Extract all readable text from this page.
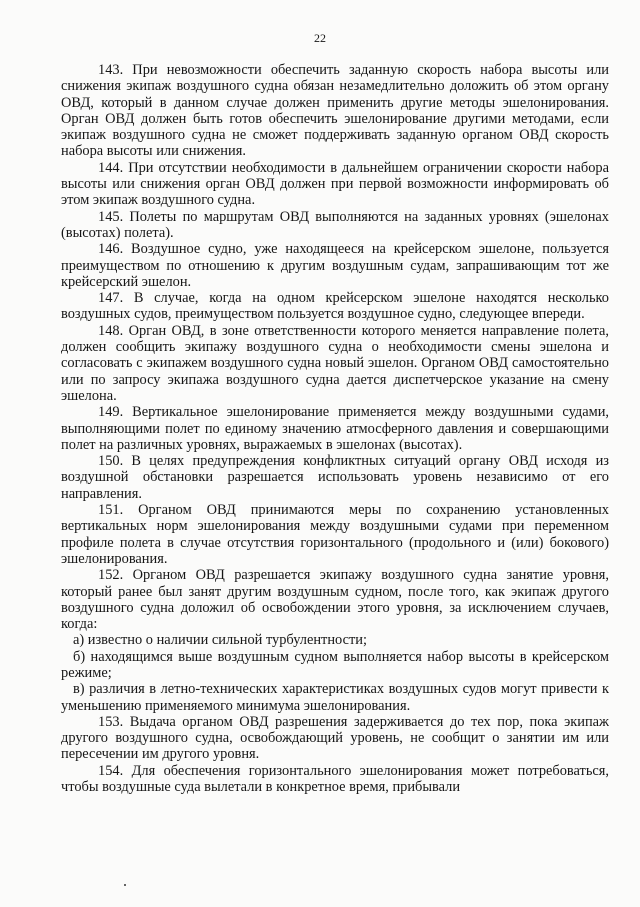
22

143. При невозможности обеспечить заданную скорость набора высоты или снижения экипаж воздушного судна обязан незамедлительно доложить об этом органу ОВД, который в данном случае должен применить другие методы эшелонирования. Орган ОВД должен быть готов обеспечить эшелонирование другими методами, если экипаж воздушного судна не сможет поддерживать заданную органом ОВД скорость набора высоты или снижения.

144. При отсутствии необходимости в дальнейшем ограничении скорости набора высоты или снижения орган ОВД должен при первой возможности информировать об этом экипаж воздушного судна.

145. Полеты по маршрутам ОВД выполняются на заданных уровнях (эшелонах (высотах) полета).

146. Воздушное судно, уже находящееся на крейсерском эшелоне, пользуется преимуществом по отношению к другим воздушным судам, запрашивающим тот же крейсерский эшелон.

147. В случае, когда на одном крейсерском эшелоне находятся несколько воздушных судов, преимуществом пользуется воздушное судно, следующее впереди.

148. Орган ОВД, в зоне ответственности которого меняется направление полета, должен сообщить экипажу воздушного судна о необходимости смены эшелона и согласовать с экипажем воздушного судна новый эшелон. Органом ОВД самостоятельно или по запросу экипажа воздушного судна дается диспетчерское указание на смену эшелона.

149. Вертикальное эшелонирование применяется между воздушными судами, выполняющими полет по единому значению атмосферного давления и совершающими полет на различных уровнях, выражаемых в эшелонах (высотах).

150. В целях предупреждения конфликтных ситуаций органу ОВД исходя из воздушной обстановки разрешается использовать уровень независимо от его направления.

151. Органом ОВД принимаются меры по сохранению установленных вертикальных норм эшелонирования между воздушными судами при переменном профиле полета в случае отсутствия горизонтального (продольного и (или) бокового) эшелонирования.

152. Органом ОВД разрешается экипажу воздушного судна занятие уровня, который ранее был занят другим воздушным судном, после того, как экипаж другого воздушного судна доложил об освобождении этого уровня, за исключением случаев, когда:

а) известно о наличии сильной турбулентности;

б) находящимся выше воздушным судном выполняется набор высоты в крейсерском режиме;

в) различия в летно-технических характеристиках воздушных судов могут привести к уменьшению применяемого минимума эшелонирования.

153. Выдача органом ОВД разрешения задерживается до тех пор, пока экипаж другого воздушного судна, освобождающий уровень, не сообщит о занятии им или пересечении им другого уровня.

154. Для обеспечения горизонтального эшелонирования может потребоваться, чтобы воздушные суда вылетали в конкретное время, прибывали
